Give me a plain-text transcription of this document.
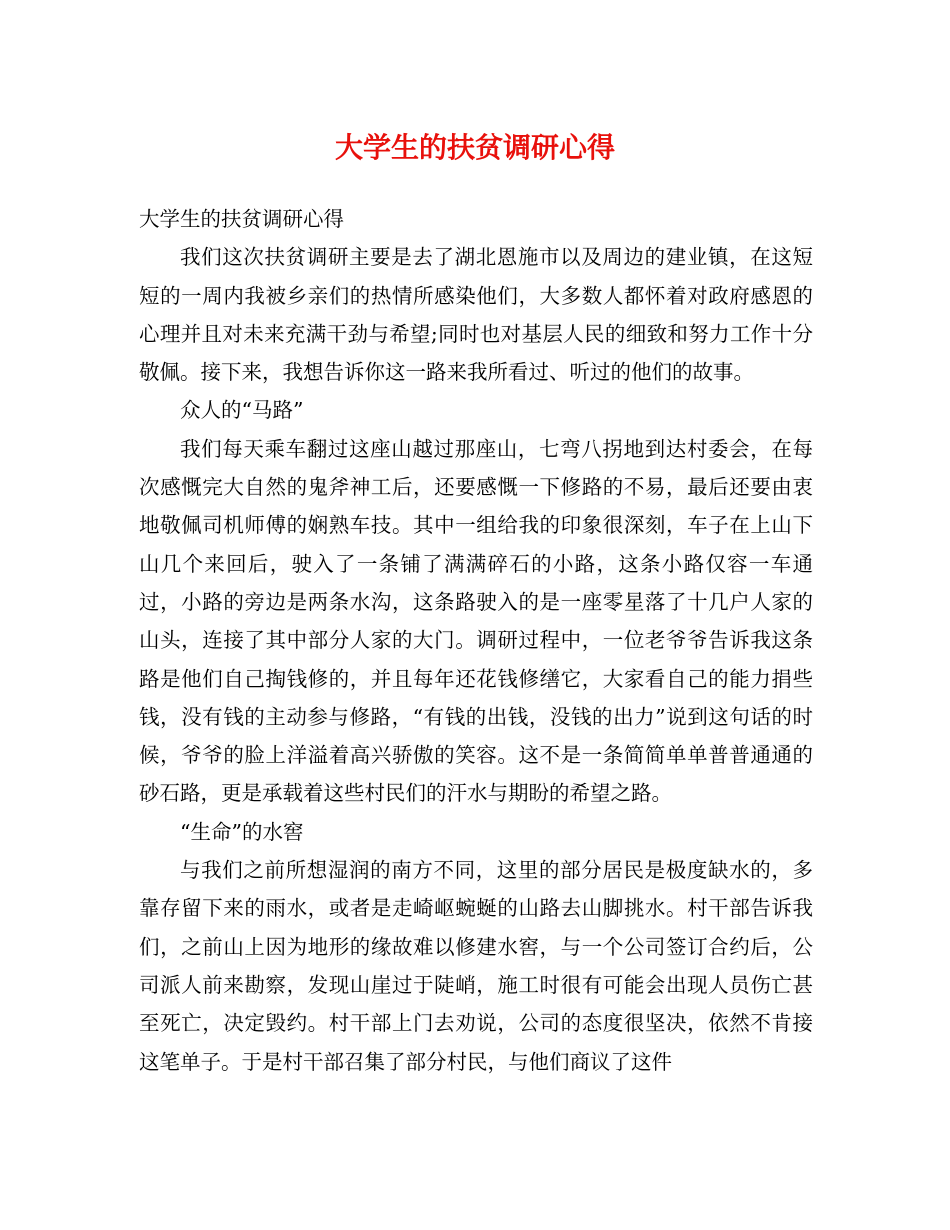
大学生的扶贫调研心得

大学生的扶贫调研心得

我们这次扶贫调研主要是去了湖北恩施市以及周边的建业镇，在这短短的一周内我被乡亲们的热情所感染他们，大多数人都怀着对政府感恩的心理并且对未来充满干劲与希望;同时也对基层人民的细致和努力工作十分敬佩。接下来，我想告诉你这一路来我所看过、听过的他们的故事。

众人的“马路”

我们每天乘车翻过这座山越过那座山，七弯八拐地到达村委会，在每次感慨完大自然的鬼斧神工后，还要感慨一下修路的不易，最后还要由衷地敬佩司机师傅的娴熟车技。其中一组给我的印象很深刻，车子在上山下山几个来回后，驶入了一条铺了满满碎石的小路，这条小路仅容一车通过，小路的旁边是两条水沟，这条路驶入的是一座零星落了十几户人家的山头，连接了其中部分人家的大门。调研过程中，一位老爷爷告诉我这条路是他们自己掏钱修的，并且每年还花钱修缮它，大家看自己的能力捐些钱，没有钱的主动参与修路，“有钱的出钱，没钱的出力”说到这句话的时候，爷爷的脸上洋溢着高兴骄傲的笑容。这不是一条简简单单普普通通的砂石路，更是承载着这些村民们的汗水与期盼的希望之路。

“生命”的水窖

与我们之前所想湿润的南方不同，这里的部分居民是极度缺水的，多靠存留下来的雨水，或者是走崎岖蜿蜒的山路去山脚挑水。村干部告诉我们，之前山上因为地形的缘故难以修建水窖，与一个公司签订合约后，公司派人前来勘察，发现山崖过于陡峭，施工时很有可能会出现人员伤亡甚至死亡，决定毁约。村干部上门去劝说，公司的态度很坚决，依然不肯接这笔单子。于是村干部召集了部分村民，与他们商议了这件
